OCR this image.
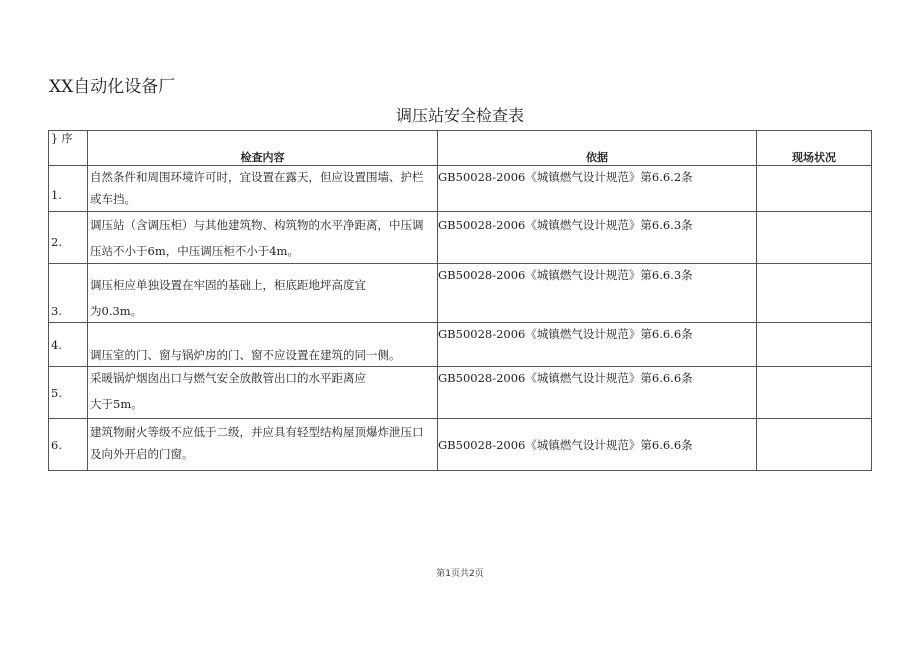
XX自动化设备厂
调压站安全检查表
} 序	检查内容	依据	现场状况
1.	自然条件和周围环境许可时，宜设置在露天，但应设置围墙、护栏
或车挡。	GB50028-2006《城镇燃气设计规范》第6.6.2条	

2.	调压站（含调压柜）与其他建筑物、构筑物的水平净距离，中压调
压站不小于6m，中压调压柜不小于4m。	GB50028-2006《城镇燃气设计规范》第6.6.3条	

3.	调压柜应单独设置在牢固的基础上，柜底距地坪高度宜
为0.3m。	GB50028-2006《城镇燃气设计规范》第6.6.3条	

4.	调压室的门、窗与锅炉房的门、窗不应设置在建筑的同一侧。	GB50028-2006《城镇燃气设计规范》第6.6.6条	

5.	采暖锅炉烟囱出口与燃气安全放散管出口的水平距离应
大于5m。	GB50028-2006《城镇燃气设计规范》第6.6.6条	

6.	建筑物耐火等级不应低于二级，并应具有轻型结构屋顶爆炸泄压口
及向外开启的门窗。	GB50028-2006《城镇燃气设计规范》第6.6.6条	

第1页共2页
